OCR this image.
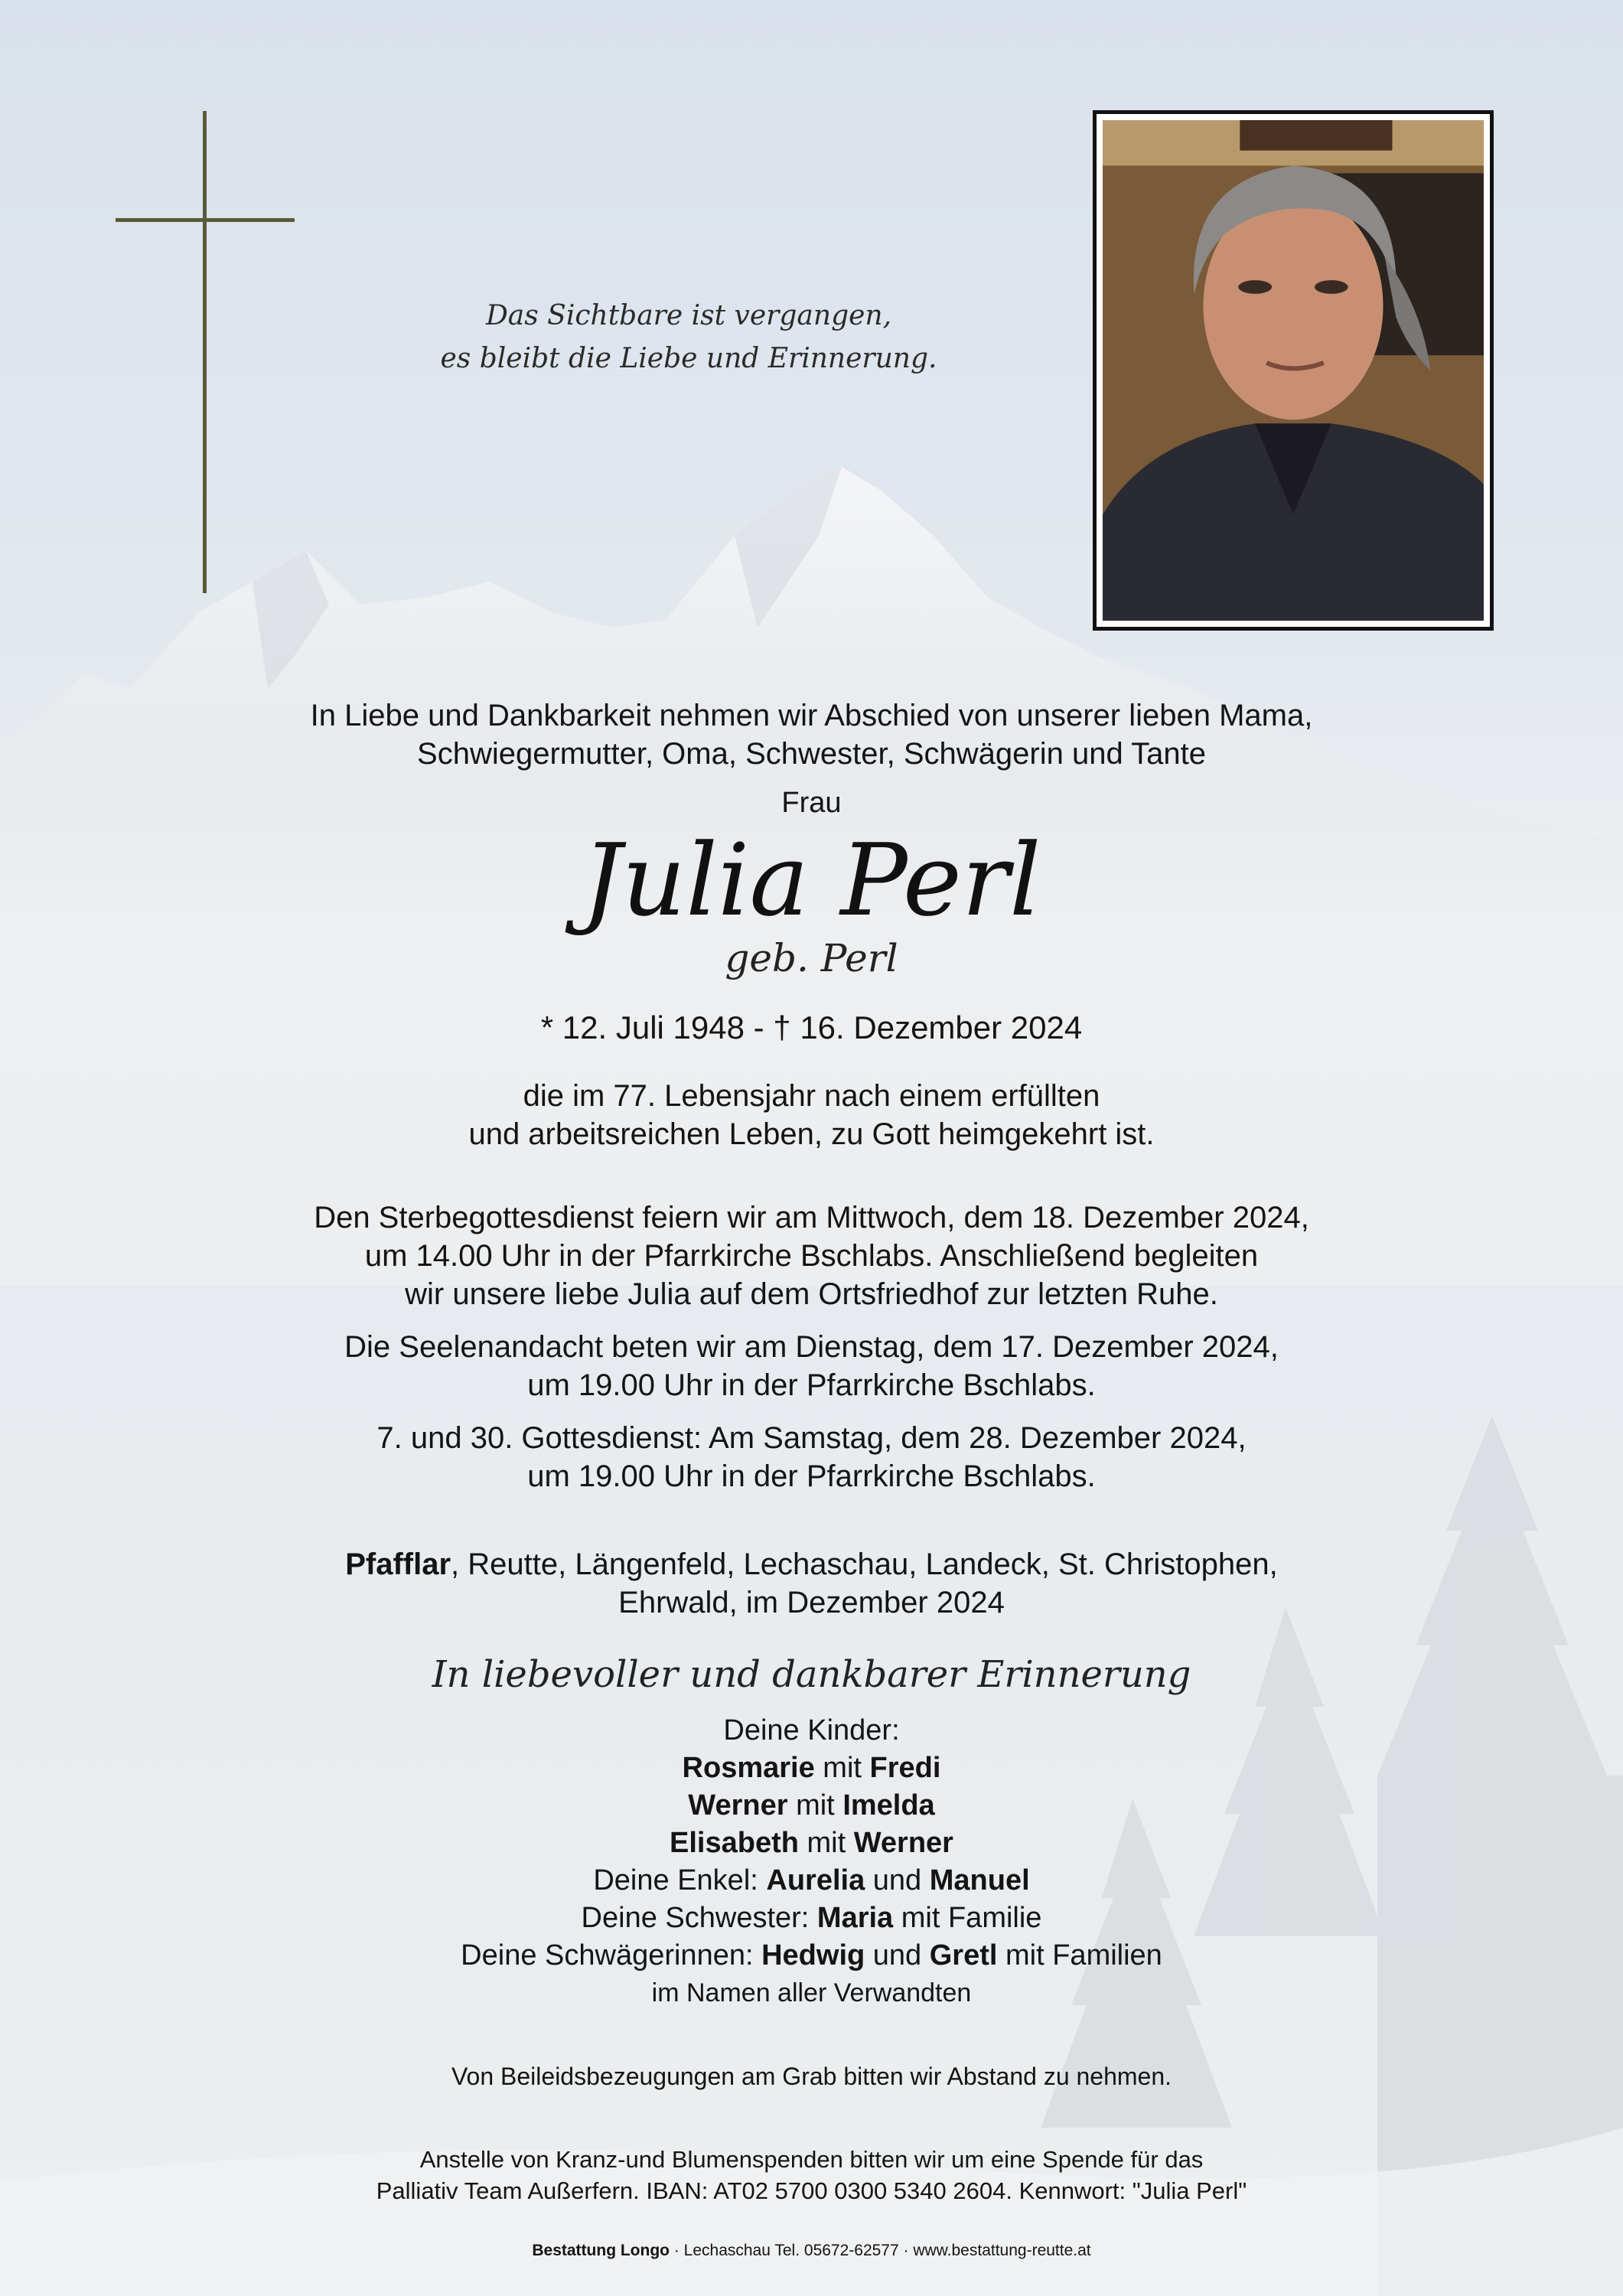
Das Sichtbare ist vergangen,
es bleibt die Liebe und Erinnerung.
In Liebe und Dankbarkeit nehmen wir Abschied von unserer lieben Mama,
Schwiegermutter, Oma, Schwester, Schwägerin und Tante
Frau
Julia Perl
geb. Perl
* 12. Juli 1948 - † 16. Dezember 2024
die im 77. Lebensjahr nach einem erfüllten
und arbeitsreichen Leben, zu Gott heimgekehrt ist.
Den Sterbegottesdienst feiern wir am Mittwoch, dem 18. Dezember 2024,
um 14.00 Uhr in der Pfarrkirche Bschlabs. Anschließend begleiten
wir unsere liebe Julia auf dem Ortsfriedhof zur letzten Ruhe.
Die Seelenandacht beten wir am Dienstag, dem 17. Dezember 2024,
um 19.00 Uhr in der Pfarrkirche Bschlabs.
7. und 30. Gottesdienst: Am Samstag, dem 28. Dezember 2024,
um 19.00 Uhr in der Pfarrkirche Bschlabs.
Pfafflar, Reutte, Längenfeld, Lechaschau, Landeck, St. Christophen,
Ehrwald, im Dezember 2024
In liebevoller und dankbarer Erinnerung
Deine Kinder:
Rosmarie mit Fredi
Werner mit Imelda
Elisabeth mit Werner
Deine Enkel: Aurelia und Manuel
Deine Schwester: Maria mit Familie
Deine Schwägerinnen: Hedwig und Gretl mit Familien
im Namen aller Verwandten
Von Beileidsbezeugungen am Grab bitten wir Abstand zu nehmen.
Anstelle von Kranz-und Blumenspenden bitten wir um eine Spende für das
Palliativ Team Außerfern. IBAN: AT02 5700 0300 5340 2604. Kennwort: "Julia Perl"
Bestattung Longo · Lechaschau Tel. 05672-62577 · www.bestattung-reutte.at
